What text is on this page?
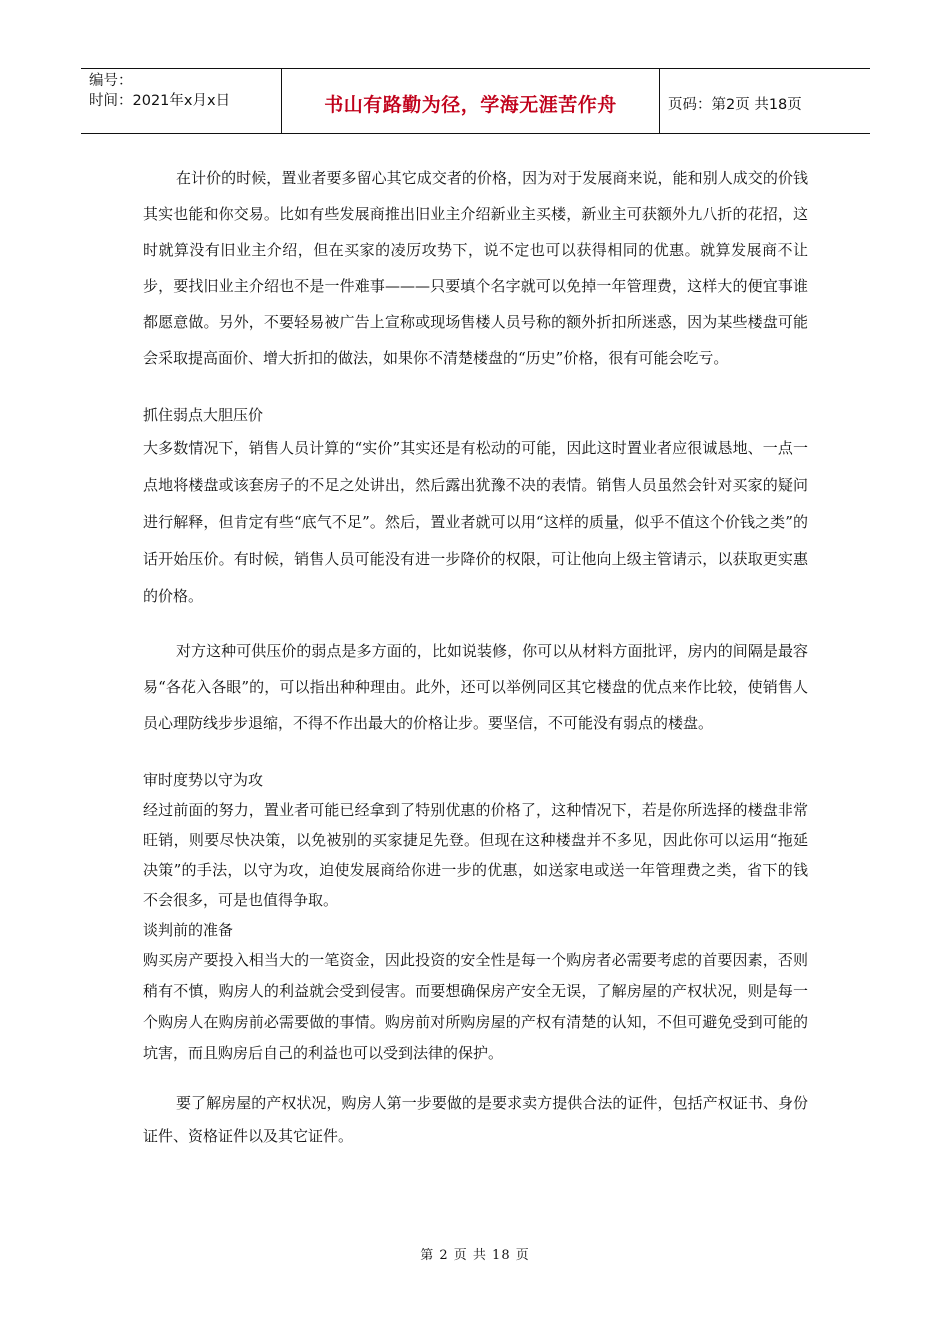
编号：
时间：2021年x月x日	书山有路勤为径，学海无涯苦作舟	页码：第2页 共18页

在计价的时候，置业者要多留心其它成交者的价格，因为对于发展商来说，能和别人成交的价钱其实也能和你交易。比如有些发展商推出旧业主介绍新业主买楼，新业主可获额外九八折的花招，这时就算没有旧业主介绍，但在买家的凌厉攻势下，说不定也可以获得相同的优惠。就算发展商不让步，要找旧业主介绍也不是一件难事———只要填个名字就可以免掉一年管理费，这样大的便宜事谁都愿意做。另外，不要轻易被广告上宣称或现场售楼人员号称的额外折扣所迷惑，因为某些楼盘可能会采取提高面价、增大折扣的做法，如果你不清楚楼盘的“历史”价格，很有可能会吃亏。

抓住弱点大胆压价

大多数情况下，销售人员计算的“实价”其实还是有松动的可能，因此这时置业者应很诚恳地、一点一点地将楼盘或该套房子的不足之处讲出，然后露出犹豫不决的表情。销售人员虽然会针对买家的疑问进行解释，但肯定有些“底气不足”。然后，置业者就可以用“这样的质量，似乎不值这个价钱之类”的话开始压价。有时候，销售人员可能没有进一步降价的权限，可让他向上级主管请示，以获取更实惠的价格。

对方这种可供压价的弱点是多方面的，比如说装修，你可以从材料方面批评，房内的间隔是最容易“各花入各眼”的，可以指出种种理由。此外，还可以举例同区其它楼盘的优点来作比较，使销售人员心理防线步步退缩，不得不作出最大的价格让步。要坚信，不可能没有弱点的楼盘。

审时度势以守为攻

经过前面的努力，置业者可能已经拿到了特别优惠的价格了，这种情况下，若是你所选择的楼盘非常旺销，则要尽快决策，以免被别的买家捷足先登。但现在这种楼盘并不多见，因此你可以运用“拖延决策”的手法，以守为攻，迫使发展商给你进一步的优惠，如送家电或送一年管理费之类，省下的钱不会很多，可是也值得争取。

谈判前的准备

购买房产要投入相当大的一笔资金，因此投资的安全性是每一个购房者必需要考虑的首要因素，否则稍有不慎，购房人的利益就会受到侵害。而要想确保房产安全无误，了解房屋的产权状况，则是每一个购房人在购房前必需要做的事情。购房前对所购房屋的产权有清楚的认知，不但可避免受到可能的坑害，而且购房后自己的利益也可以受到法律的保护。

要了解房屋的产权状况，购房人第一步要做的是要求卖方提供合法的证件，包括产权证书、身份证件、资格证件以及其它证件。

第 2 页 共 18 页
